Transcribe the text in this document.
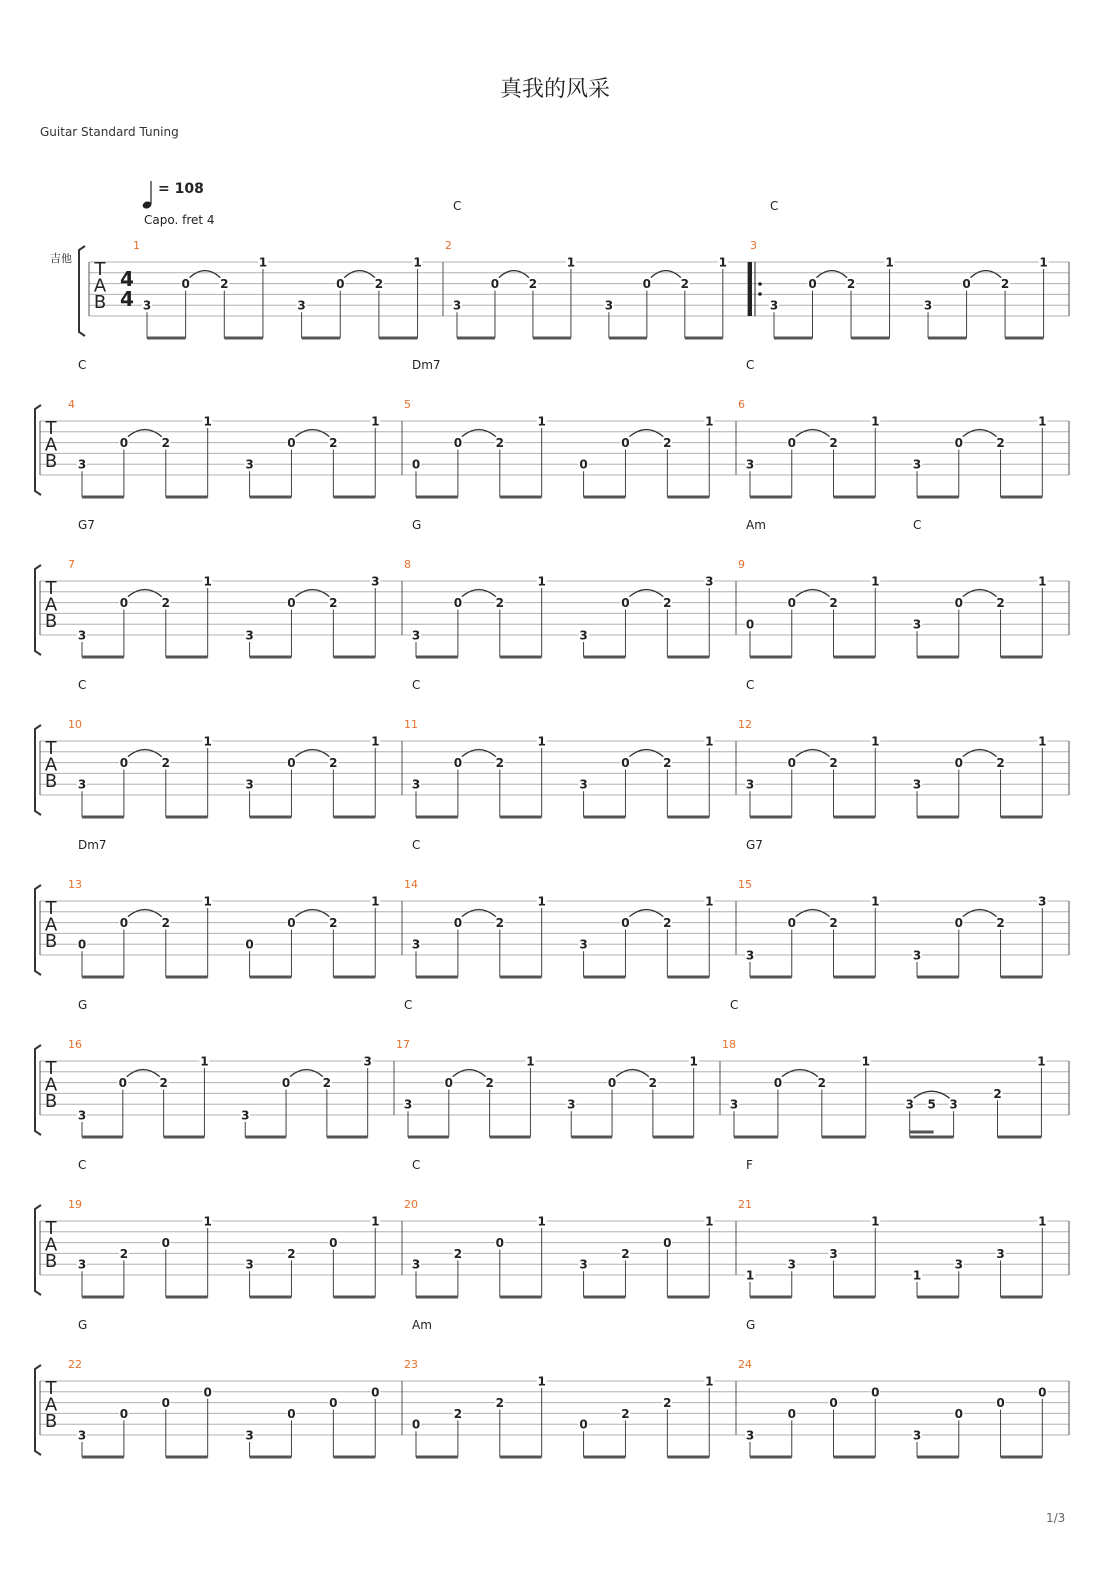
真我的风采
Guitar Standard Tuning
1/3
T
A
B
4
4
吉他
= 108
Capo. fret 4
1
3
0	2
1
3
0	2
1
2
C
3
0 2
1
3
0 2
1
3
C
3
0	2
1
3
0	2
1
T
A
B
4
C
3
0	2
1
3
0	2
1
5
Dm7
0
0	2
1
0
0	2
1
6
C
3
0	2
1
3
0	2
1
T
A
B
7
G7
3
0	2
1
3
0	2
3
8
G
3
0	2
1
3
0	2
3
9
Am	C
0
0	2
1
3
0	2
1
T
A
B
10
C
3
0	2
1
3
0	2
1
11
C
3
0	2
1
3
0	2
1
12
C
3
0	2
1
3
0	2
1
T
A
B
13
Dm7
0
0	2
1
0
0	2
1
14
C
3
0	2
1
3
0	2
1
15
G7
3
0	2
1
3
0	2
3
T
A
B
16
G
3
0	2
1
3
0	2
3
17
C
3
0	2
1
3
0	2
1
18
C
3
0	2
1
3 5 3
2
1
T
A
B
19
C
3
2
0
1
3
2
0
1
20
C
3
2
0
1
3
2
0
1
21
F
1
3
3
1
1
3
3
1
T
A
B
22
G
3
0
0
0
3
0
0
0
23
Am
0
2
2
1
0
2
2
1
24
G
3
0
0
0
3
0
0
0
